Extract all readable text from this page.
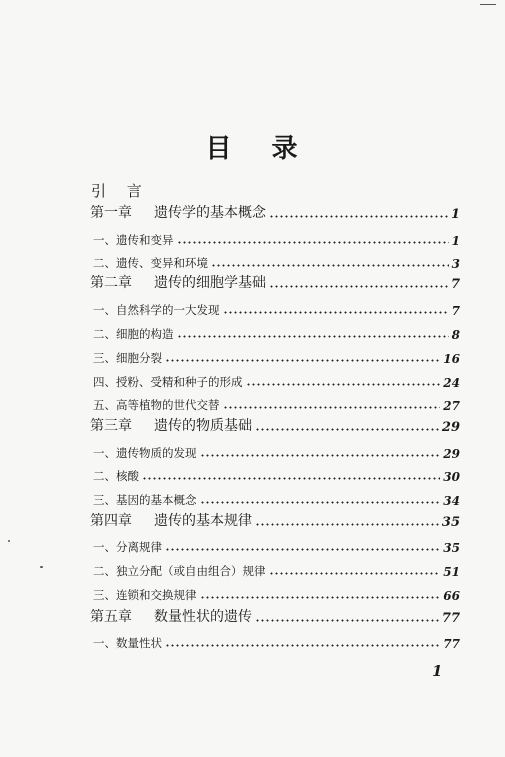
目 录
引 言
第一章 遗传学的基本概念	1
一、遗传和变异	1
二、遗传、变异和环境	3
第二章 遗传的细胞学基础	7
一、自然科学的一大发现	7
二、细胞的构造	8
三、细胞分裂	16
四、授粉、受精和种子的形成	24
五、高等植物的世代交替	27
第三章 遗传的物质基础	29
一、遗传物质的发现	29
二、核酸	30
三、基因的基本概念	34
第四章 遗传的基本规律	35
一、分离规律	35
二、独立分配（或自由组合）规律	51
三、连锁和交换规律	66
第五章 数量性状的遗传	77
一、数量性状	77
1
